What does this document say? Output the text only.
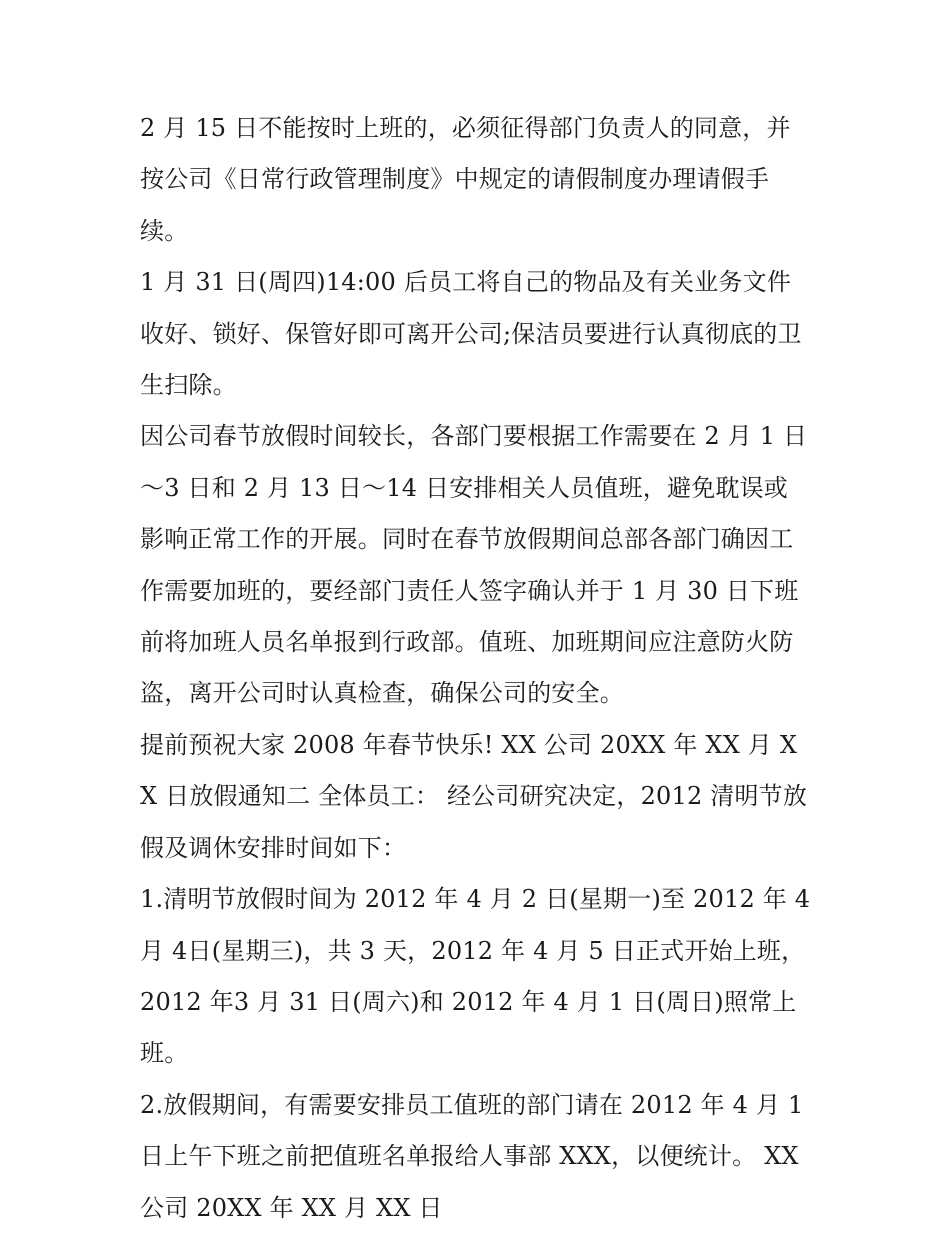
2 月 15 日不能按时上班的，必须征得部门负责人的同意，并按公司《日常行政管理制度》中规定的请假制度办理请假手续。

1 月 31 日(周四)14:00 后员工将自己的物品及有关业务文件收好、锁好、保管好即可离开公司;保洁员要进行认真彻底的卫生扫除。

因公司春节放假时间较长，各部门要根据工作需要在 2 月 1 日～3 日和 2 月 13 日～14 日安排相关人员值班，避免耽误或影响正常工作的开展。同时在春节放假期间总部各部门确因工作需要加班的，要经部门责任人签字确认并于 1 月 30 日下班前将加班人员名单报到行政部。值班、加班期间应注意防火防盗，离开公司时认真检查，确保公司的安全。

提前预祝大家 2008 年春节快乐! XX 公司 20XX 年 XX 月 XX 日放假通知二 全体员工： 经公司研究决定，2012 清明节放假及调休安排时间如下：

1.清明节放假时间为 2012 年 4 月 2 日(星期一)至 2012 年 4 月 4日(星期三)，共 3 天，2012 年 4 月 5 日正式开始上班，2012 年3 月 31 日(周六)和 2012 年 4 月 1 日(周日)照常上班。

2.放假期间，有需要安排员工值班的部门请在 2012 年 4 月 1 日上午下班之前把值班名单报给人事部 XXX，以便统计。 XX 公司 20XX 年 XX 月 XX 日
